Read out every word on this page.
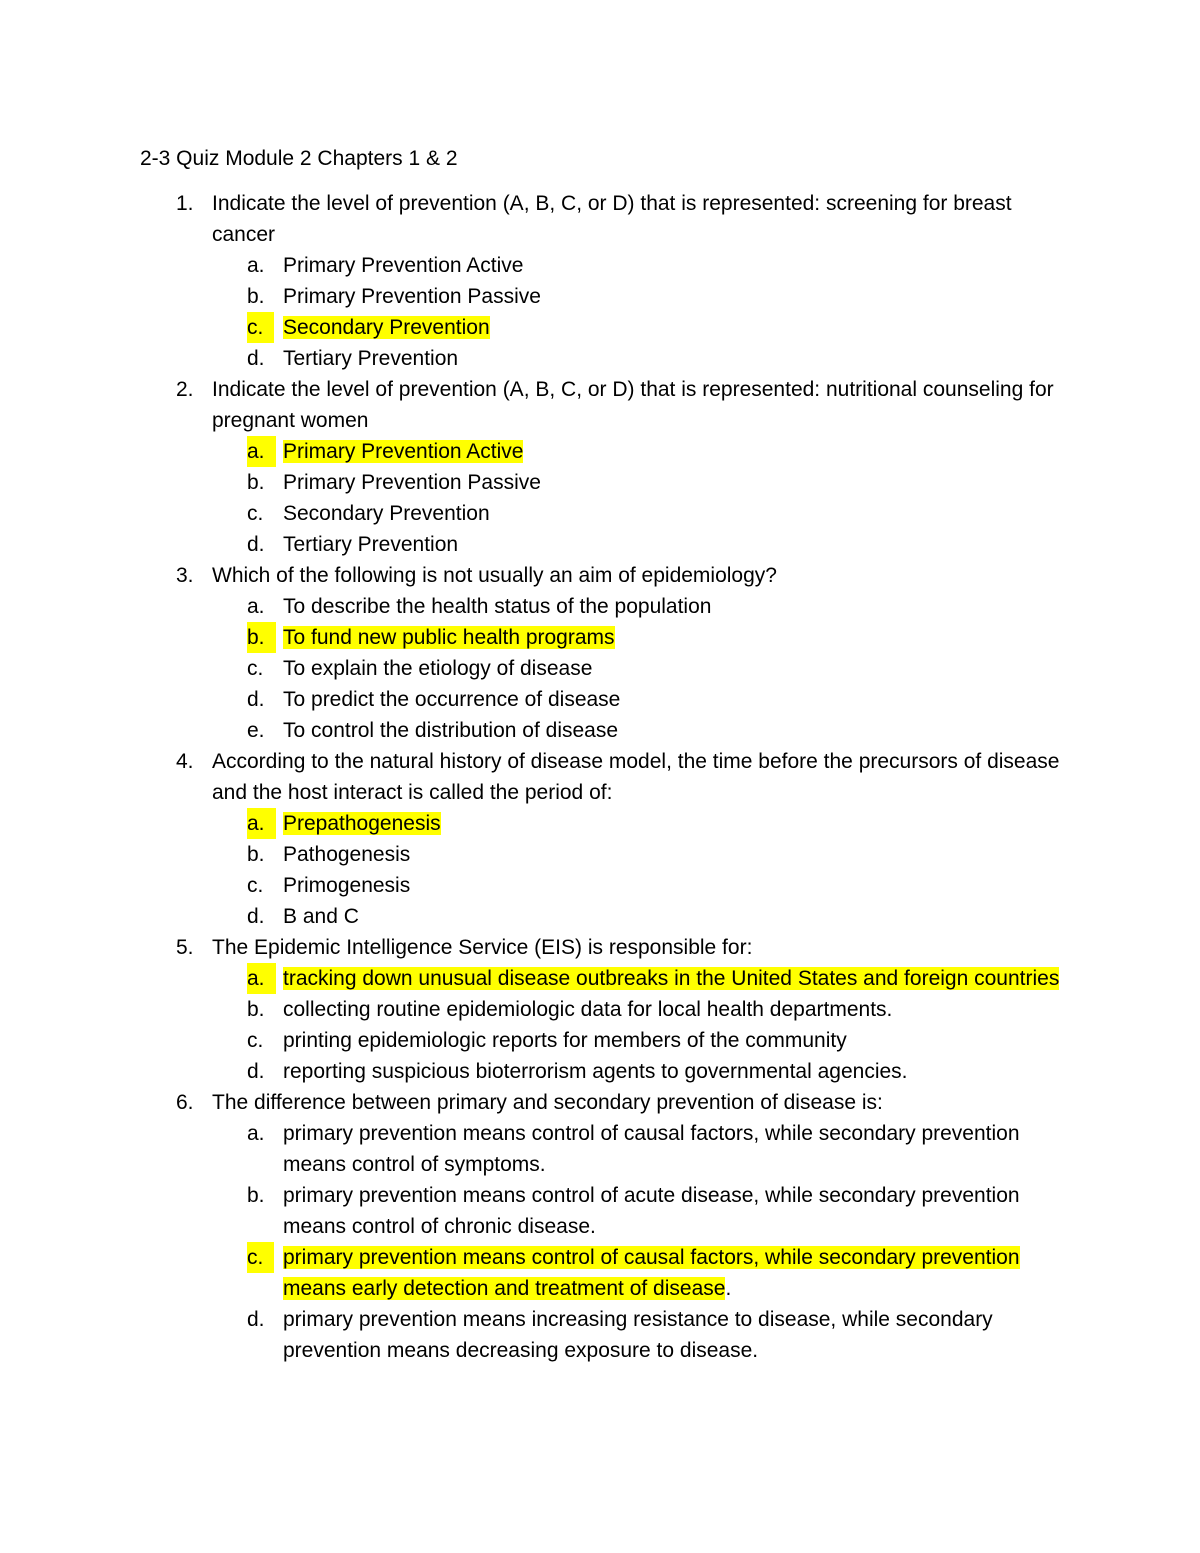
2-3 Quiz Module 2 Chapters 1 & 2
1. Indicate the level of prevention (A, B, C, or D) that is represented: screening for breast cancer
a. Primary Prevention Active
b. Primary Prevention Passive
c. Secondary Prevention
d. Tertiary Prevention
2. Indicate the level of prevention (A, B, C, or D) that is represented: nutritional counseling for pregnant women
a. Primary Prevention Active
b. Primary Prevention Passive
c. Secondary Prevention
d. Tertiary Prevention
3. Which of the following is not usually an aim of epidemiology?
a. To describe the health status of the population
b. To fund new public health programs
c. To explain the etiology of disease
d. To predict the occurrence of disease
e. To control the distribution of disease
4. According to the natural history of disease model, the time before the precursors of disease and the host interact is called the period of:
a. Prepathogenesis
b. Pathogenesis
c. Primogenesis
d. B and C
5. The Epidemic Intelligence Service (EIS) is responsible for:
a. tracking down unusual disease outbreaks in the United States and foreign countries
b. collecting routine epidemiologic data for local health departments.
c. printing epidemiologic reports for members of the community
d. reporting suspicious bioterrorism agents to governmental agencies.
6. The difference between primary and secondary prevention of disease is:
a. primary prevention means control of causal factors, while secondary prevention means control of symptoms.
b. primary prevention means control of acute disease, while secondary prevention means control of chronic disease.
c. primary prevention means control of causal factors, while secondary prevention means early detection and treatment of disease.
d. primary prevention means increasing resistance to disease, while secondary prevention means decreasing exposure to disease.
